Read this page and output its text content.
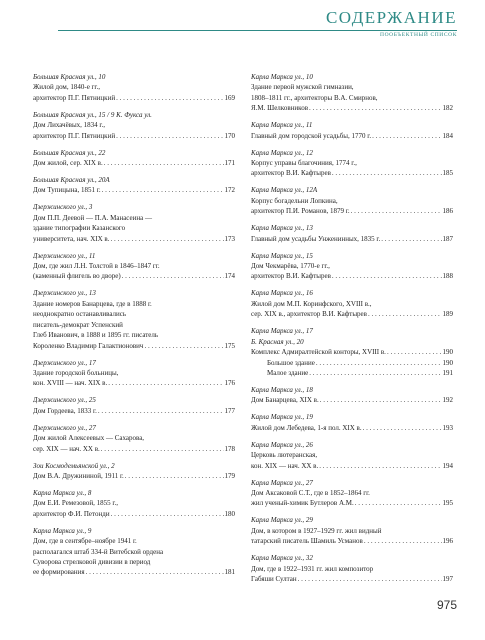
СОДЕРЖАНИЕ
ПООБЪЕКТНЫЙ СПИСОК
Большая Красная ул., 10
Жилой дом, 1840-е гг.,
архитектор П.Г. Пятницкий . . .	169
Большая Красная ул., 15 / 9 К. Фукса ул.
Дом Лихачёвых, 1834 г.,
архитектор П.Г. Пятницкий . . .	170
Большая Красная ул., 22
Дом жилой, сер. XIX в. . . .	171
Большая Красная ул., 20А
Дом Тупицына, 1851 г. . . .	172
Дзержинского ул., 3
Дом П.П. Деевой — П.А. Манасеина —
здание типографии Казанского
университета, нач. XIX в. . . .	173
Дзержинского ул., 11
Дом, где жил Л.Н. Толстой в 1846–1847 гг.
(каменный флигель во дворе) . . .	174
Дзержинского ул., 13
Здание номеров Банарцева, где в 1888 г.
неоднократно останавливались
писатель-демократ Успенский
Глеб Иванович, в 1888 и 1895 гг. писатель
Короленко Владимир Галактионович . . .	175
Дзержинского ул., 17
Здание городской больницы,
кон. XVIII — нач. XIX в. . . .	176
Дзержинского ул., 25
Дом Гордеева, 1833 г. . . .	177
Дзержинского ул., 27
Дом жилой Алексеевых — Сахарова,
сер. XIX — нач. XX в. . . .	178
Зои Космодемьянской ул., 2
Дом В.А. Дружининой, 1911 г. . . .	179
Карла Маркса ул., 8
Дом Е.И. Ремезовой, 1855 г.,
архитектор Ф.И. Петонди . . .	180
Карла Маркса ул., 9
Дом, где в сентябре–ноябре 1941 г.
располагался штаб 334-й Витебской ордена
Суворова стрелковой дивизии в период
ее формирования . . .	181
Карла Маркса ул., 10
Здание первой мужской гимназии,
1808–1811 гг., архитекторы В.А. Смирнов,
Я.М. Шелковников . . .	182
Карла Маркса ул., 11
Главный дом городской усадьбы, 1770 г. . . .	184
Карла Маркса ул., 12
Корпус управы благочиния, 1774 г.,
архитектор В.И. Кафтырев . . .	185
Карла Маркса ул., 12А
Корпус богадельни Лопкина,
архитектор П.И. Романов, 1879 г. . . .	186
Карла Маркса ул., 13
Главный дом усадьбы Унженинных, 1835 г. . . .	187
Карла Маркса ул., 15
Дом Чекмарёва, 1770-е гг.,
архитектор В.И. Кафтырев . . .	188
Карла Маркса ул., 16
Жилой дом М.П. Коринфского, XVIII в.,
сер. XIX в., архитектор В.И. Кафтырев . . .	189
Карла Маркса ул., 17
Б. Красная ул., 20
Комплекс Адмиралтейской конторы, XVIII в. . . .	190
Большое здание . . .	190
Малое здание . . .	191
Карла Маркса ул., 18
Дом Банарцева, XIX в. . . .	192
Карла Маркса ул., 19
Жилой дом Лебедева, 1-я пол. XIX в. . . .	193
Карла Маркса ул., 26
Церковь лютеранская,
кон. XIX — нач. XX в. . . .	194
Карла Маркса ул., 27
Дом Аксаковой С.Т., где в 1852–1864 гг.
жил ученый-химик Бутлеров А.М. . . .	195
Карла Маркса ул., 29
Дом, в котором в 1927–1929 гг. жил видный
татарский писатель Шамиль Усманов . . .	196
Карла Маркса ул., 32
Дом, где в 1922–1931 гг. жил композитор
Габяши Султан . . .	197
975
